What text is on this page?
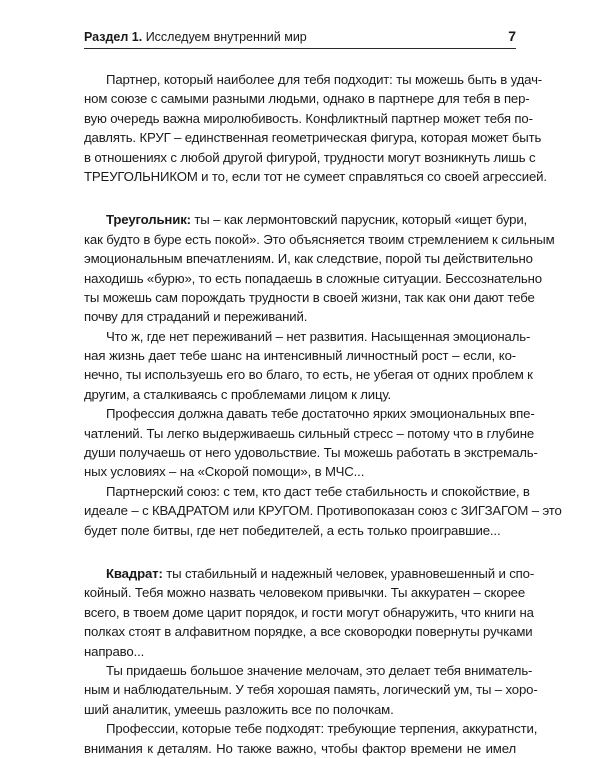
Раздел 1. Исследуем внутренний мир	7
Партнер, который наиболее для тебя подходит: ты можешь быть в удач-
ном союзе с самыми разными людьми, однако в партнере для тебя в пер-
вую очередь важна миролюбивость. Конфликтный партнер может тебя по-
давлять. КРУГ – единственная геометрическая фигура, которая может быть
в отношениях с любой другой фигурой, трудности могут возникнуть лишь с
ТРЕУГОЛЬНИКОМ и то, если тот не сумеет справляться со своей агрессией.
Треугольник: ты – как лермонтовский парусник, который «ищет бури,
как будто в буре есть покой». Это объясняется твоим стремлением к сильным
эмоциональным впечатлениям. И, как следствие, порой ты действительно
находишь «бурю», то есть попадаешь в сложные ситуации. Бессознательно
ты можешь сам порождать трудности в своей жизни, так как они дают тебе
почву для страданий и переживаний.
Что ж, где нет переживаний – нет развития. Насыщенная эмоциональ-
ная жизнь дает тебе шанс на интенсивный личностный рост – если, ко-
нечно, ты используешь его во благо, то есть, не убегая от одних проблем к
другим, а сталкиваясь с проблемами лицом к лицу.
Профессия должна давать тебе достаточно ярких эмоциональных впе-
чатлений. Ты легко выдерживаешь сильный стресс – потому что в глубине
души получаешь от него удовольствие. Ты можешь работать в экстремаль-
ных условиях – на «Скорой помощи», в МЧС...
Партнерский союз: с тем, кто даст тебе стабильность и спокойствие, в
идеале – с КВАДРАТОМ или КРУГОМ. Противопоказан союз с ЗИГЗАГОМ – это
будет поле битвы, где нет победителей, а есть только проигравшие...
Квадрат: ты стабильный и надежный человек, уравновешенный и спо-
койный. Тебя можно назвать человеком привычки. Ты аккуратен – скорее
всего, в твоем доме царит порядок, и гости могут обнаружить, что книги на
полках стоят в алфавитном порядке, а все сковородки повернуты ручками
направо...
Ты придаешь большое значение мелочам, это делает тебя вниматель-
ным и наблюдательным. У тебя хорошая память, логический ум, ты – хоро-
ший аналитик, умеешь разложить все по полочкам.
Профессии, которые тебе подходят: требующие терпения, аккуратнсти,
внимания к деталям. Но также важно, чтобы фактор времени не имел
